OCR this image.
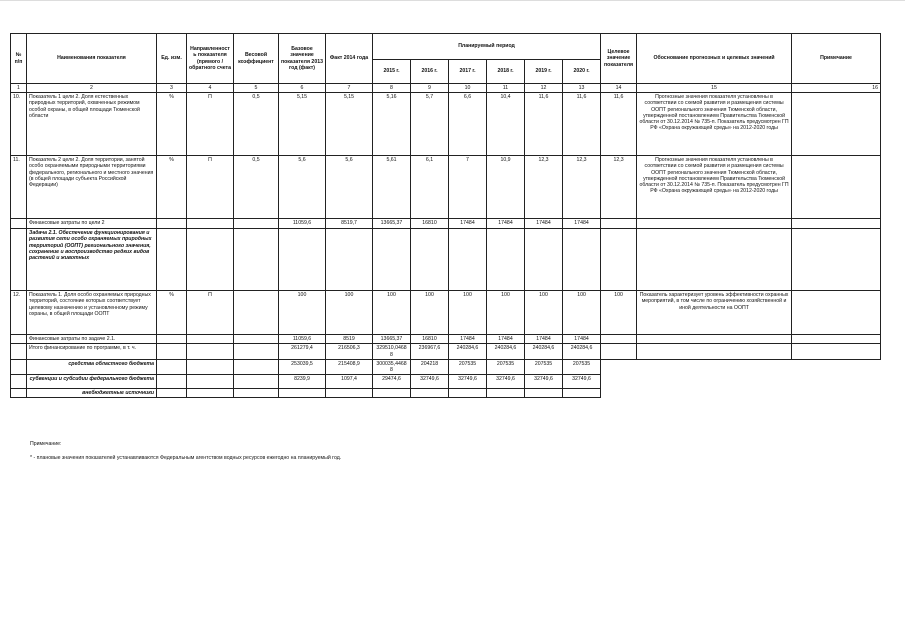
№ п/п	Наименования показателя	Ед. изм.	Направленность показателя (прямого / обратного счета	Весовой коэффициент	Базовое значение показателя 2013 год (факт)	Факт 2014 года	Планируемый период						Целевое значение показателя	Обоснование прогнозных и целевых значений	Примечание
							2015 г.	2016 г.	2017 г.	2018 г.	2019 г.	2020 г.			
1	2	3	4	5	6	7	8	9	10	11	12	13	14	15	16
10.	Показатель 1 цели 2. Доля естественных природных территорий, охваченных режимом особой охраны, в общей площади Тюменской области	%	П	0,5	5,15	5,15	5,16	5,7	6,6	10,4	11,6	11,6	11,6	Прогнозные значения показателя установлены в соответствии со схемой развития и размещения системы ООПТ регионального значения Тюменской области, утвержденной постановлением Правительства Тюменской области от 30.12.2014 № 735-п. Показатель предусмотрен ГП РФ «Охрана окружающей среды» на 2012-2020 годы	
11.	Показатель 2 цели 2. Доля территории, занятой особо охраняемыми природными территориями федерального, регионального и местного значения (в общей площади субъекта Российской Федерации)	%	П	0,5	5,6	5,6	5,61	6,1	7	10,9	12,3	12,3	12,3	Прогнозные значения показателя установлены в соответствии со схемой развития и размещения системы ООПТ регионального значения Тюменской области, утвержденной постановлением Правительства Тюменской области от 30.12.2014 № 735-п. Показатель предусмотрен ГП РФ «Охрана окружающей среды» на 2012-2020 годы	
	Финансовые затраты по цели 2				11059,6	8519,7	13665,37	16810	17484	17484	17484	17484			
	Задача 2.1. Обеспечение функционирования и развития сети особо охраняемых природных территорий (ООПТ) регионального значения, сохранение и воспроизводство редких видов растений и животных														
12.	Показатель 1. Доля особо охраняемых природных территорий, состояние которых соответствует целевому назначению и установленному режиму охраны, в общей площади ООПТ	%	П		100	100	100	100	100	100	100	100	100	Показатель характеризует уровень эффективности охранных мероприятий, в том числе по ограничению хозяйственной и иной деятельности на ООПТ	
	Финансовые затраты по задаче 2.1.				11059,6	8519	13665,37	16810	17484	17484	17484	17484			
	Итого финансирование по программе, в т. ч.				261279,4	216506,3	329510,04688	236967,6	240284,6	240284,6	240284,6	240284,6			
	средства областного бюджета				253039,5	215408,9	300035,44688	204218	207535	207535	207535	207535			
	субвенции и субсидии федерального бюджета				8239,9	1097,4	29474,6	32749,6	32749,6	32749,6	32749,6	32749,6			
	внебюджетные источники														
Примечание:
* - плановые значения показателей устанавливаются Федеральным агентством водных ресурсов ежегодно на планируемый год.
